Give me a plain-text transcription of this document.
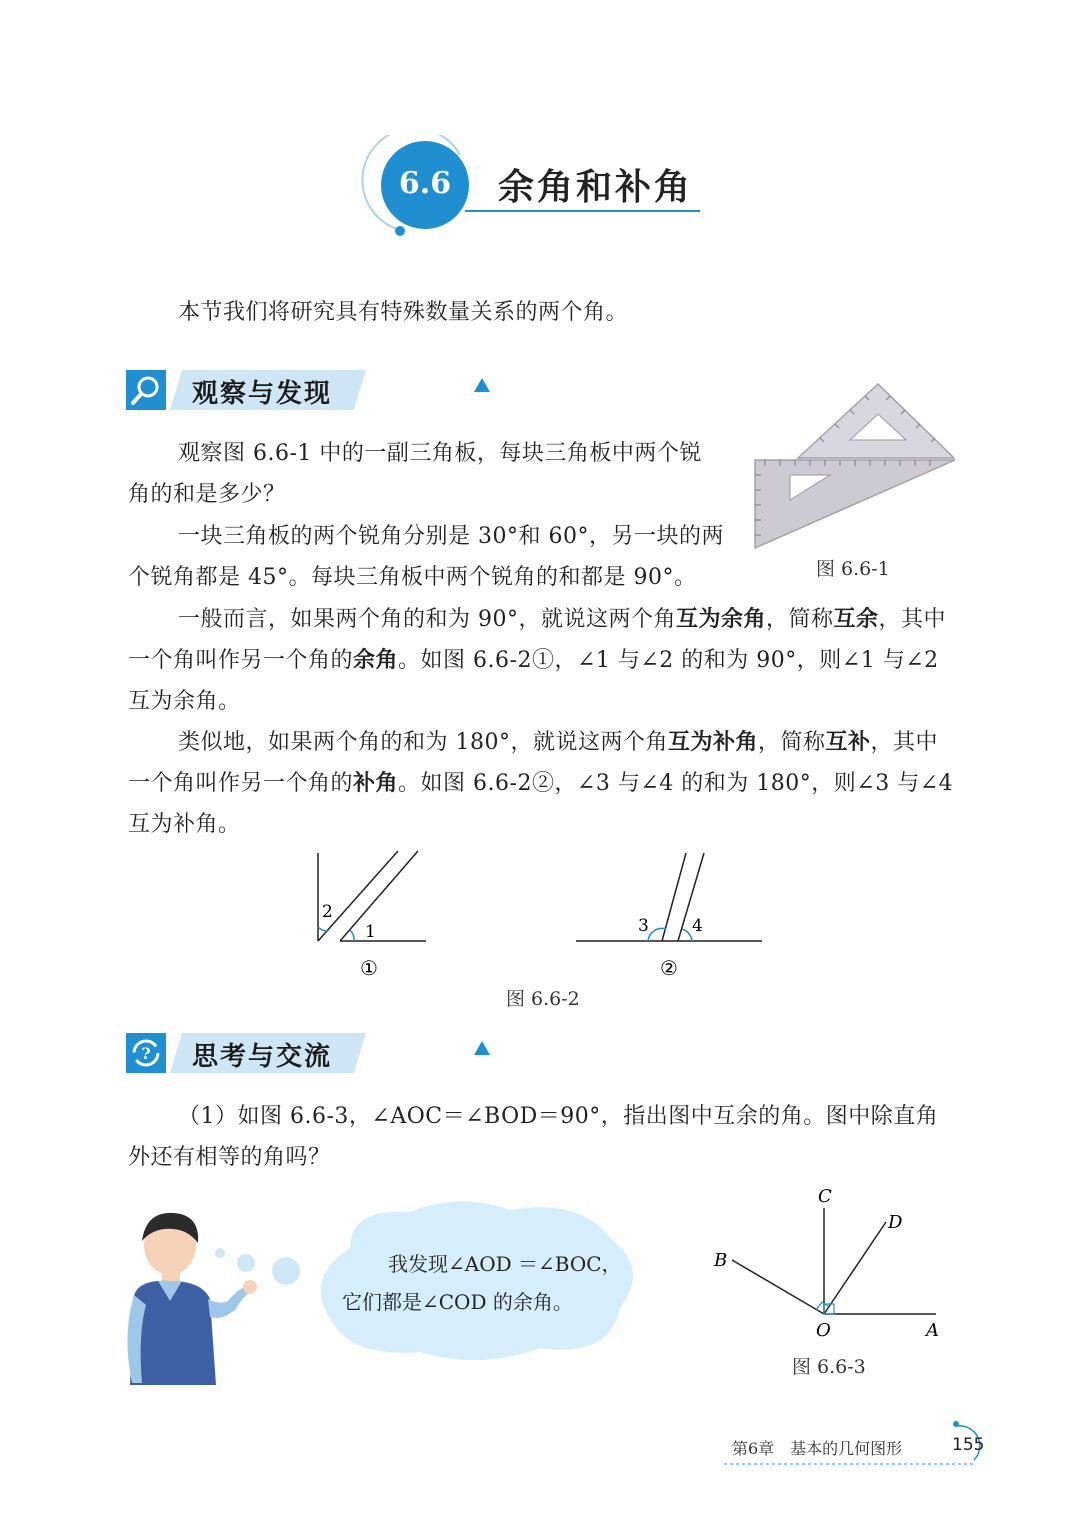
6.6	余角和补角
本节我们将研究具有特殊数量关系的两个角。
观察与发现
观察图 6.6-1 中的一副三角板，每块三角板中两个锐角的和是多少？
一块三角板的两个锐角分别是 30°和 60°，另一块的两个锐角都是 45°。每块三角板中两个锐角的和都是 90°。	图 6.6-1
一般而言，如果两个角的和为 90°，就说这两个角互为余角，简称互余，其中一个角叫作另一个角的余角。如图 6.6-2①，∠1 与∠2 的和为 90°，则∠1 与∠2 互为余角。
类似地，如果两个角的和为 180°，就说这两个角互为补角，简称互补，其中一个角叫作另一个角的补角。如图 6.6-2②，∠3 与∠4 的和为 180°，则∠3 与∠4 互为补角。
2
1
①
3	4
②
图 6.6-2
? 思考与交流
（1）如图 6.6-3，∠AOC＝∠BOD＝90°，指出图中互余的角。图中除直角外还有相等的角吗？
我发现∠AOD ＝∠BOC，
它们都是∠COD 的余角。
C
D
B
O	A
图 6.6-3
第6章　基本的几何图形	155
